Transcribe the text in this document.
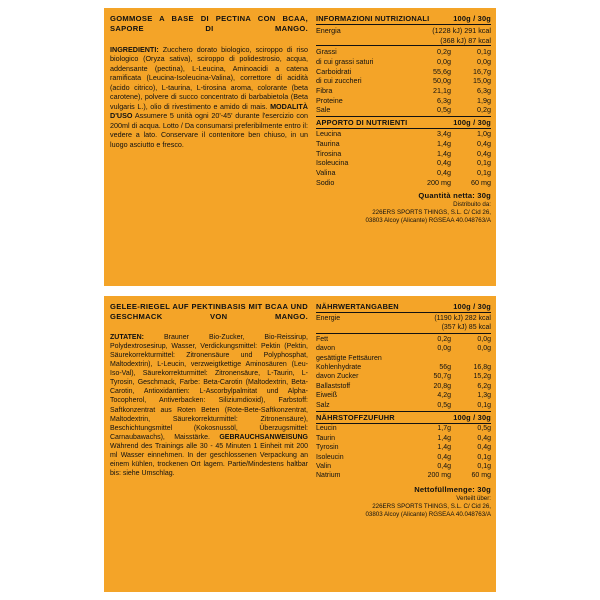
GOMMOSE A BASE DI PECTINA CON BCAA, SAPORE DI MANGO.
INGREDIENTI: Zucchero dorato biologico, sciroppo di riso biologico (Oryza sativa), sciroppo di polidestrosio, acqua, addensante (pectina), L-Leucina, Aminoacidi a catena ramificata (Leucina-Isoleucina-Valina), correttore di acidità (acido citrico), L-taurina, L-tirosina aroma, colorante (beta carotene), polvere di succo concentrato di barbabietola (Beta vulgaris L.), olio di rivestimento e amido di mais. MODALITÀ D'USO Assumere 5 unità ogni 20'-45' durante l'esercizio con 200ml di acqua. Lotto / Da consumarsi preferibilmente entro il: vedere a lato. Conservare il contenitore ben chiuso, in un luogo asciutto e fresco.
INFORMAZIONI NUTRIZIONALI	100g / 30g
Energia	(1228 kJ) 291 kcal	
	(368 kJ) 87 kcal	
Grassi	0,2g	0,1g
di cui grassi saturi	0,0g	0,0g
Carboidrati	55,6g	16,7g
di cui zuccheri	50,0g	15,0g
Fibra	21,1g	6,3g
Proteine	6,3g	1,9g
Sale	0,5g	0,2g
APPORTO DI NUTRIENTI	100g / 30g
Leucina	3,4g	1,0g
Taurina	1,4g	0,4g
Tirosina	1,4g	0,4g
Isoleucina	0,4g	0,1g
Valina	0,4g	0,1g
Sodio	200 mg	60 mg
Quantità netta: 30g
Distribuito da:
226ERS SPORTS THINGS, S.L. C/ Cid 26,
03803 Alcoy (Alicante) RGSEAA 40.048763/A
GELEE-RIEGEL AUF PEKTINBASIS MIT BCAA UND GESCHMACK VON MANGO.
ZUTATEN: Brauner Bio-Zucker, Bio-Reissirup, Polydextrosesirup, Wasser, Verdickungsmittel: Pektin (Pektin, Säurekorrekturmittel: Zitronensäure und Polyphosphat, Maltodextrin), L-Leucin, verzweigtkettige Aminosäuren (Leu-Iso-Val), Säurekorrekturmittel: Zitronensäure, L-Taurin, L-Tyrosin, Geschmack, Farbe: Beta-Carotin (Maltodextrin, Beta-Carotin, Antioxidantien: L-Ascorbylpalmitat und Alpha-Tocopherol, Antiverbacken: Siliziumdioxid), Farbstoff: Saftkonzentrat aus Roten Beten (Rote-Bete-Saftkonzentrat, Maltodextrin, Säurekorrekturmittel: Zitronensäure), Beschichtungsmittel (Kokosnussöl, Überzugsmittel: Carnaubawachs), Maisstärke. GEBRAUCHSANWEISUNG Während des Trainings alle 30 - 45 Minuten 1 Einheit mit 200 ml Wasser einnehmen. In der geschlossenen Verpackung an einem kühlen, trockenen Ort lagern. Partie/Mindestens haltbar bis: siehe Umschlag.
NÄHRWERTANGABEN	100g / 30g
Energie	(1190 kJ) 282 kcal	
	(357 kJ) 85 kcal	
Fett	0,2g	0,0g
davon	0,0g	0,0g
gesättigte Fettsäuren		
Kohlenhydrate	56g	16,8g
davon Zucker	50,7g	15,2g
Ballaststoff	20,8g	6,2g
Eiweiß	4,2g	1,3g
Salz	0,5g	0,1g
NÄHRSTOFFZUFUHR	100g / 30g
Leucin	1,7g	0,5g
Taurin	1,4g	0,4g
Tyrosin	1,4g	0,4g
Isoleucin	0,4g	0,1g
Valin	0,4g	0,1g
Natrium	200 mg	60 mg
Nettofüllmenge: 30g
Verteilt über:
226ERS SPORTS THINGS, S.L. C/ Cid 26,
03803 Alcoy (Alicante) RGSEAA 40.048763/A
